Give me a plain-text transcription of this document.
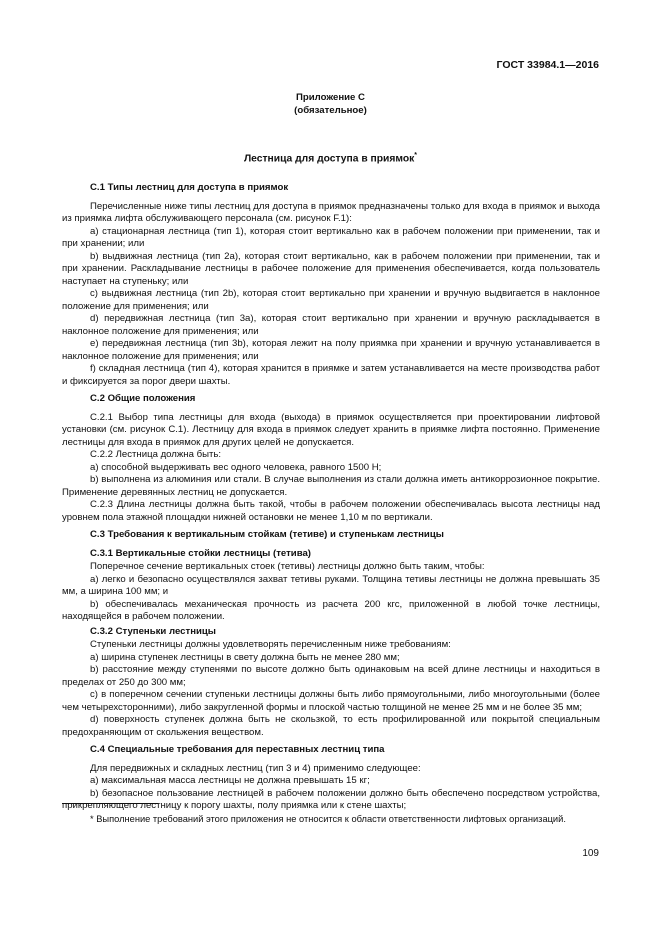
ГОСТ 33984.1—2016
Приложение С
(обязательное)
Лестница для доступа в приямок*

С.1 Типы лестниц для доступа в приямок

Перечисленные ниже типы лестниц для доступа в приямок предназначены только для входа в приямок и выхода из приямка лифта обслуживающего персонала (см. рисунок F.1):

а) стационарная лестница (тип 1), которая стоит вертикально как в рабочем положении при применении, так и при хранении; или

b) выдвижная лестница (тип 2а), которая стоит вертикально, как в рабочем положении при применении, так и при хранении. Раскладывание лестницы в рабочее положение для применения обеспечивается, когда пользователь наступает на ступеньку; или

с) выдвижная лестница (тип 2b), которая стоит вертикально при хранении и вручную выдвигается в наклонное положение для применения; или

d) передвижная лестница (тип 3а), которая стоит вертикально при хранении и вручную раскладывается в наклонное положение для применения; или

е) передвижная лестница (тип 3b), которая лежит на полу приямка при хранении и вручную устанавливается в наклонное положение для применения; или

f) складная лестница (тип 4), которая хранится в приямке и затем устанавливается на месте производства работ и фиксируется за порог двери шахты.

С.2 Общие положения

С.2.1 Выбор типа лестницы для входа (выхода) в приямок осуществляется при проектировании лифтовой установки (см. рисунок С.1). Лестницу для входа в приямок следует хранить в приямке лифта постоянно. Применение лестницы для входа в приямок для других целей не допускается.

С.2.2 Лестница должна быть:

а) способной выдерживать вес одного человека, равного 1500 Н;

b) выполнена из алюминия или стали. В случае выполнения из стали должна иметь антикоррозионное покрытие. Применение деревянных лестниц не допускается.

С.2.3 Длина лестницы должна быть такой, чтобы в рабочем положении обеспечивалась высота лестницы над уровнем пола этажной площадки нижней остановки не менее 1,10 м по вертикали.

С.3 Требования к вертикальным стойкам (тетиве) и ступенькам лестницы

С.3.1 Вертикальные стойки лестницы (тетива)

Поперечное сечение вертикальных стоек (тетивы) лестницы должно быть таким, чтобы:

а) легко и безопасно осуществлялся захват тетивы руками. Толщина тетивы лестницы не должна превышать 35 мм, а ширина 100 мм; и

b) обеспечивалась механическая прочность из расчета 200 кгс, приложенной в любой точке лестницы, находящейся в рабочем положении.

С.3.2 Ступеньки лестницы

Ступеньки лестницы должны удовлетворять перечисленным ниже требованиям:

а) ширина ступенек лестницы в свету должна быть не менее 280 мм;

b) расстояние между ступенями по высоте должно быть одинаковым на всей длине лестницы и находиться в пределах от 250 до 300 мм;

с) в поперечном сечении ступеньки лестницы должны быть либо прямоугольными, либо многоугольными (более чем четырехсторонними), либо закругленной формы и плоской частью толщиной не менее 25 мм и не более 35 мм;

d) поверхность ступенек должна быть не скользкой, то есть профилированной или покрытой специальным предохраняющим от скольжения веществом.

С.4 Специальные требования для переставных лестниц типа

Для передвижных и складных лестниц (тип 3 и 4) применимо следующее:

а) максимальная масса лестницы не должна превышать 15 кг;

b) безопасное пользование лестницей в рабочем положении должно быть обеспечено посредством устройства, прикрепляющего лестницу к порогу шахты, полу приямка или к стене шахты;

* Выполнение требований этого приложения не относится к области ответственности лифтовых организаций.

109
